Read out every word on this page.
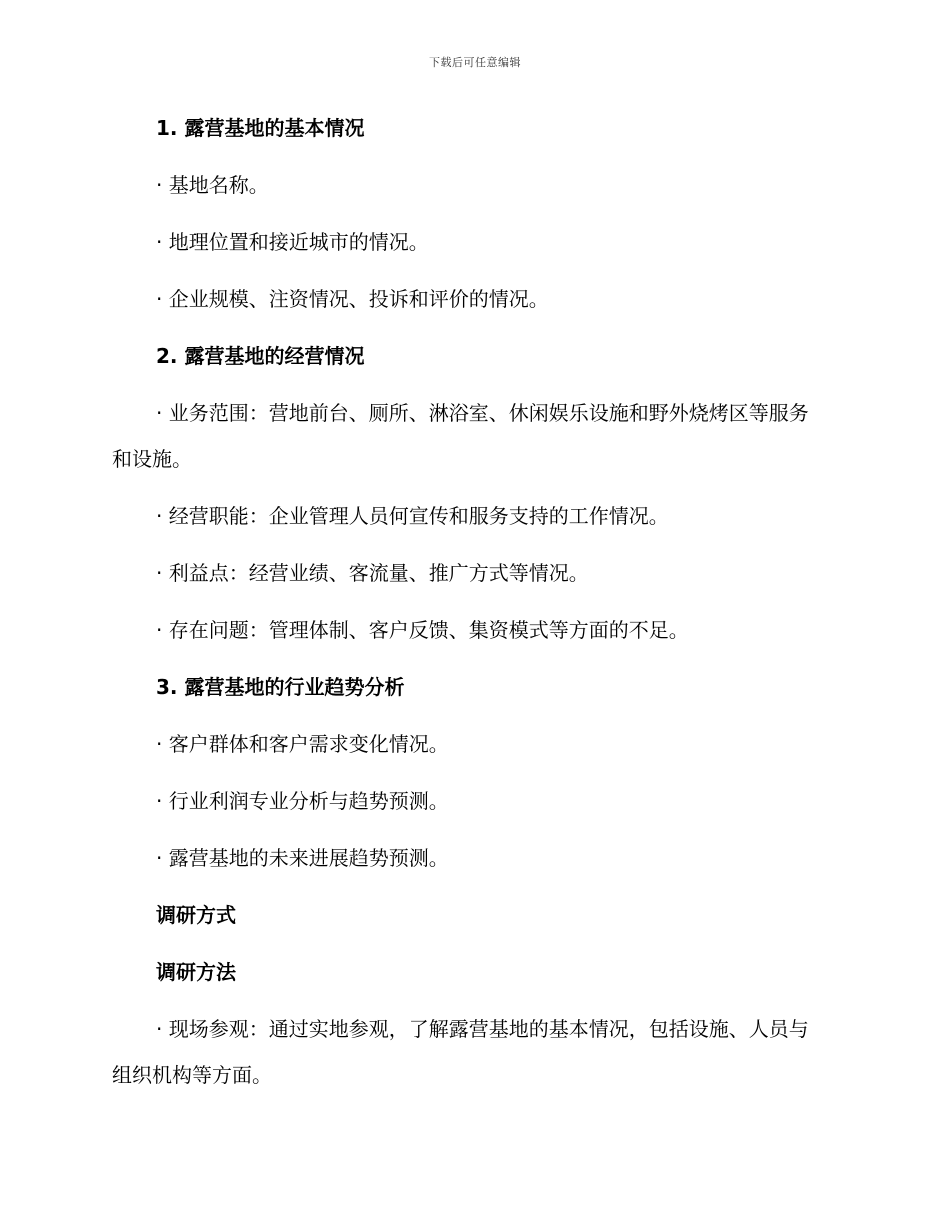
下载后可任意编辑
1. 露营基地的基本情况
· 基地名称。
· 地理位置和接近城市的情况。
· 企业规模、注资情况、投诉和评价的情况。
2. 露营基地的经营情况
· 业务范围：营地前台、厕所、淋浴室、休闲娱乐设施和野外烧烤区等服务和设施。
· 经营职能：企业管理人员何宣传和服务支持的工作情况。
· 利益点：经营业绩、客流量、推广方式等情况。
· 存在问题：管理体制、客户反馈、集资模式等方面的不足。
3. 露营基地的行业趋势分析
· 客户群体和客户需求变化情况。
· 行业利润专业分析与趋势预测。
· 露营基地的未来进展趋势预测。
调研方式
调研方法
· 现场参观：通过实地参观，了解露营基地的基本情况，包括设施、人员与组织机构等方面。
